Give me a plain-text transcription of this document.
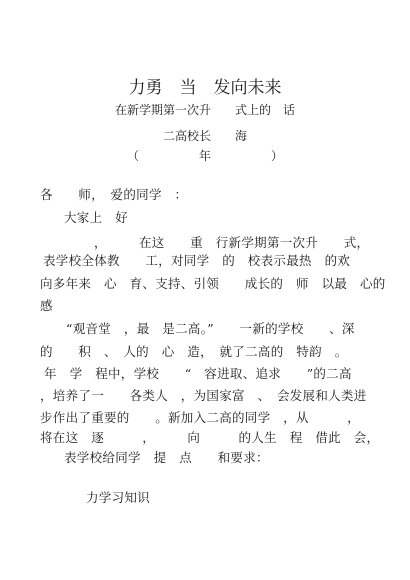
力勇　当　发向未来
在新学期第一次升　　式上的　话
二高校长　　海
（　　　　　年　　　　　）
各　　师，　爱的同学　：
大家上　好
，　　　在这　　重　行新学期第一次升　　式，
表学校全体教　　工，对同学　的　校表示最热　的欢
向多年来　心　育、支持、引领　　成长的　师　以最　心的
感
“观音堂　，最　是二高。”　　一新的学校　　、深
的　　积　、　人的　心　造，　就了二高的　特韵　。
年　学　程中，学校　　“　容进取、追求　　”的二高
，培养了一　　各类人　，为国家富　、　会发展和人类进
步作出了重要的　　。新加入二高的同学　，从　　　，
将在这　逐　　　，　　　向　　　的人生　程　借此　会，
表学校给同学　提　点　　和要求：
力学习知识
